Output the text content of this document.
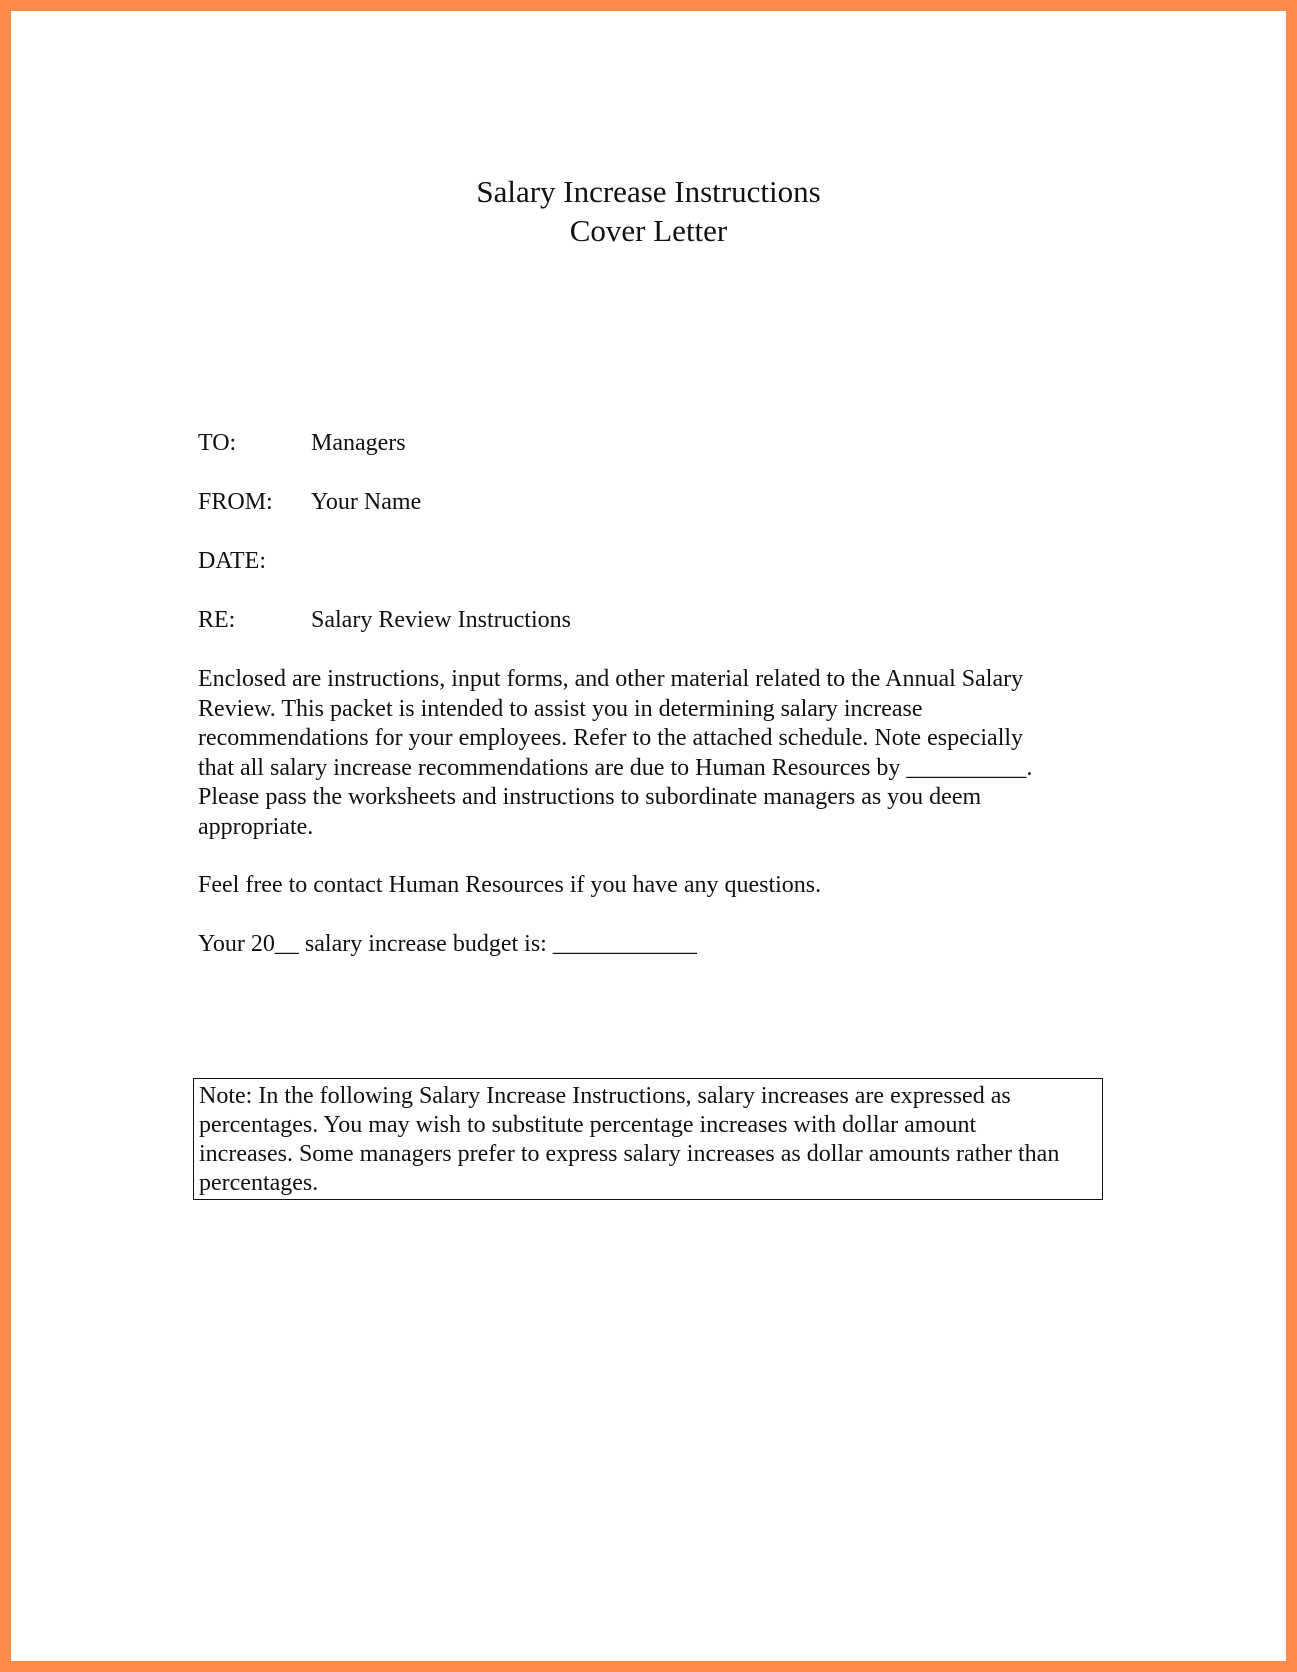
Salary Increase Instructions
Cover Letter
TO:	Managers
FROM: Your Name
DATE:
RE:	Salary Review Instructions
Enclosed are instructions, input forms, and other material related to the Annual Salary
Review. This packet is intended to assist you in determining salary increase
recommendations for your employees. Refer to the attached schedule. Note especially
that all salary increase recommendations are due to Human Resources by __________.
Please pass the worksheets and instructions to subordinate managers as you deem
appropriate.
Feel free to contact Human Resources if you have any questions.
Your 20__ salary increase budget is: ____________
Note: In the following Salary Increase Instructions, salary increases are expressed as
percentages. You may wish to substitute percentage increases with dollar amount
increases. Some managers prefer to express salary increases as dollar amounts rather than
percentages.
